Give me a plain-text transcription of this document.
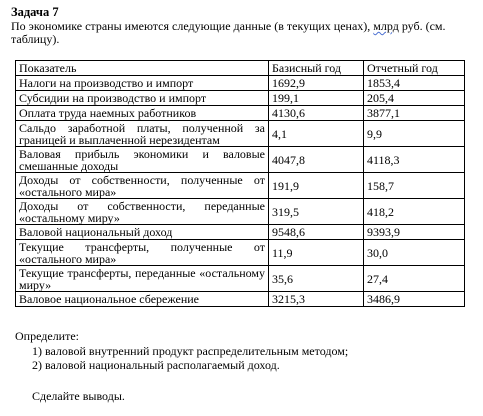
Задача 7

По экономике страны имеются следующие данные (в текущих ценах), млрд руб. (см. таблицу).

Показатель	Базисный год	Отчетный год
Налоги на производство и импорт	1692,9	1853,4
Субсидии на производство и импорт	199,1	205,4
Оплата труда наемных работников	4130,6	3877,1
Сальдо заработной платы, полученной за границей и выплаченной нерезидентам	4,1	9,9
Валовая прибыль экономики и валовые смешанные доходы	4047,8	4118,3
Доходы от собственности, полученные от «остального мира»	191,9	158,7
Доходы от собственности, переданные «остальному миру»	319,5	418,2
Валовой национальный доход	9548,6	9393,9
Текущие трансферты, полученные от «остального мира»	11,9	30,0
Текущие трансферты, переданные «остальному миру»	35,6	27,4
Валовое национальное сбережение	3215,3	3486,9

Определите:

1) валовой внутренний продукт распределительным методом;

2) валовой национальный располагаемый доход.

Сделайте выводы.
